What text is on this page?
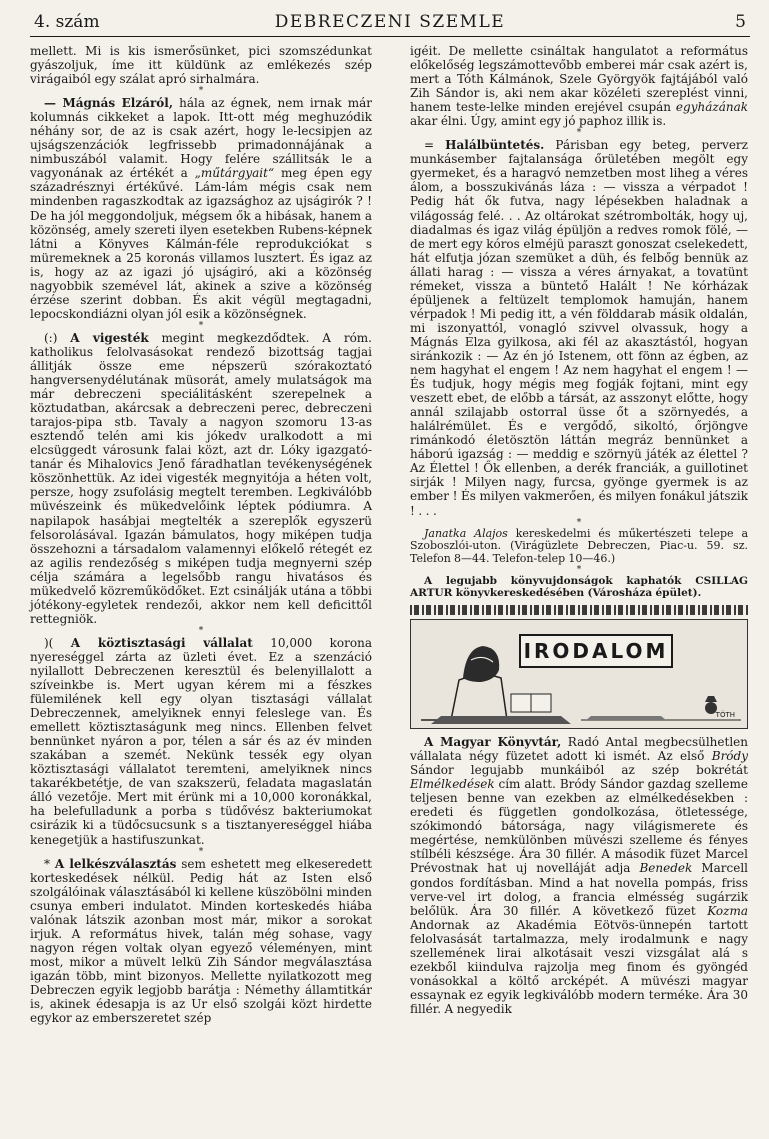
4. szám	DEBRECZENI SZEMLE	5

mellett. Mi is kis ismerősünket, pici szomszédunkat gyászoljuk, íme itt küldünk az emlékezés szép virágaiból egy szálat apró sirhalmára.

*

— Mágnás Elzáról, hála az égnek, nem irnak már kolumnás cikkeket a lapok. Itt-ott még meghuzódik néhány sor, de az is csak azért, hogy le-lecsipjen az ujságszenzációk legfrissebb primadonnájának a nimbuszából valamit. Hogy felére szállitsák le a vagyonának az értékét a „műtárgyait“ meg épen egy századrésznyi értékűvé. Lám-lám mégis csak nem mindenben ragaszkodtak az igazsághoz az ujságirók ? ! De ha jól meggondoljuk, mégsem ők a hibásak, hanem a közönség, amely szereti ilyen esetekben Rubens-képnek látni a Könyves Kálmán-féle reprodukciókat s müremeknek a 25 koronás villamos lusztert. És igaz az is, hogy az az igazi jó ujságiró, aki a közönség nagyobbik szemével lát, akinek a szive a közönség érzése szerint dobban. És akit végül megtagadni, lepocskondiázni olyan jól esik a közönségnek.

*

(:) A vigesték megint megkezdődtek. A róm. katholikus felolvasásokat rendező bizottság tagjai állitják össze eme népszerü szórakoztató hangversenydélutának müsorát, amely mulatságok ma már debreczeni speciálitásként szerepelnek a köztudatban, akárcsak a debreczeni perec, debreczeni tarajos-pipa stb. Tavaly a nagyon szomoru 13-as esztendő telén ami kis jókedv uralkodott a mi elcsüggedt városunk falai közt, azt dr. Lóky igazgató-tanár és Mihalovics Jenő fáradhatlan tevékenységének köszönhettük. Az idei vigesték megnyitója a héten volt, persze, hogy zsufolásig megtelt teremben. Legkiválóbb müvészeink és mükedvelőink léptek pódiumra. A napilapok hasábjai megtelték a szereplők egyszerü felsorolásával. Igazán bámulatos, hogy miképen tudja összehozni a társadalom valamennyi előkelő rétegét ez az agilis rendezőség s miképen tudja megnyerni szép célja számára a legelsőbb rangu hivatásos és mükedvelő közreműködőket. Ezt csinálják utána a többi jótékony-egyletek rendezői, akkor nem kell deficittől rettegniök.

*

)( A köztisztasági vállalat 10,000 korona nyereséggel zárta az üzleti évet. Ez a szenzáció nyilallott Debreczenen keresztül és belenyillalott a szíveinkbe is. Mert ugyan kérem mi a fészkes fülemilének kell egy olyan tisztasági vállalat Debreczennek, amelyiknek ennyi feleslege van. És emellett köztisztaságunk meg nincs. Ellenben felvet bennünket nyáron a por, télen a sár és az év minden szakában a szemét. Nekünk tessék egy olyan köztisztasági vállalatot teremteni, amelyiknek nincs takarékbetétje, de van szakszerü, feladata magaslatán álló vezetője. Mert mit érünk mi a 10,000 koronákkal, ha belefulladunk a porba s tüdővész bakteriumokat csirázik ki a tüdőcsucsunk s a tisztanyereséggel hiába kenegetjük a hastifuszunkat.

*

* A lelkészválasztás sem eshetett meg elkeseredett korteskedések nélkül. Pedig hát az Isten első szolgálóinak választásából ki kellene küszöbölni minden csunya emberi indulatot. Minden korteskedés hiába valónak látszik azonban most már, mikor a sorokat irjuk. A református hivek, talán még sohase, vagy nagyon régen voltak olyan egyező véleményen, mint most, mikor a müvelt lelkü Zih Sándor megválasztása igazán több, mint bizonyos. Mellette nyilatkozott meg Debreczen egyik legjobb barátja : Némethy államtitkár is, akinek édesapja is az Ur első szolgái közt hirdette egykor az emberszeretet szép

igéit. De mellette csináltak hangulatot a református előkelőség legszámottevőbb emberei már csak azért is, mert a Tóth Kálmánok, Szele Györgyök fajtájából való Zih Sándor is, aki nem akar közéleti szereplést vinni, hanem teste-lelke minden erejével csupán egyházának akar élni. Úgy, amint egy jó paphoz illik is.

*

= Halálbüntetés. Párisban egy beteg, perverz munkásember fajtalansága őrületében megölt egy gyermeket, és a haragvó nemzetben most liheg a véres álom, a bosszukivánás láza : — vissza a vérpadot ! Pedig hát ők futva, nagy lépésekben haladnak a világosság felé. . . Az oltárokat szétrombolták, hogy uj, diadalmas és igaz világ épüljön a redves romok fölé, — de mert egy kóros elméjü paraszt gonoszat cselekedett, hát elfutja józan szemüket a düh, és felbőg bennük az állati harag : — vissza a véres árnyakat, a tovatünt rémeket, vissza a büntető Halált ! Ne kórházak épüljenek a feltüzelt templomok hamuján, hanem vérpadok ! Mi pedig itt, a vén földdarab másik oldalán, mi iszonyattól, vonagló szivvel olvassuk, hogy a Mágnás Elza gyilkosa, aki fél az akasztástól, hogyan siránkozik : — Az én jó Istenem, ott fönn az égben, az nem hagyhat el engem ! Az nem hagyhat el engem ! — És tudjuk, hogy mégis meg fogják fojtani, mint egy veszett ebet, de előbb a társát, az asszonyt előtte, hogy annál szilajabb ostorral üsse őt a szörnyedés, a halálrémület. És e vergődő, sikoltó, őrjöngve rimánkodó életösztön láttán megráz bennünket a háború igazság : — meddig e szörnyü játék az élettel ? Az Élettel ! Ők ellenben, a derék franciák, a guillotinet sirják ! Milyen nagy, furcsa, gyönge gyermek is az ember ! És milyen vakmerően, és milyen fonákul játszik ! . . .

*

Janatka Alajos kereskedelmi és műkertészeti telepe a Szoboszlói-uton. (Virágüzlete Debreczen, Piac-u. 59. sz. Telefon 8—44. Telefon-telep 10—46.)

*

A legujabb könyvujdonságok kaphatók CSILLAG ARTUR könyvkereskedésében (Városháza épület).

IRODALOM
TÓTH

A Magyar Könyvtár, Radó Antal megbecsülhetlen vállalata négy füzetet adott ki ismét. Az első Bródy Sándor legujabb munkáiból az szép bokrétát Elmélkedések cím alatt. Bródy Sándor gazdag szelleme teljesen benne van ezekben az elmélkedésekben : eredeti és független gondolkozása, ötletessége, szókimondó bátorsága, nagy világismerete és megértése, nemkülönben müvészi szelleme és fényes stílbéli készsége. Ára 30 fillér. A második füzet Marcel Prévostnak hat uj novelláját adja Benedek Marcell gondos fordításban. Mind a hat novella pompás, friss verve-vel irt dolog, a francia elmésség sugárzik belőlük. Ára 30 fillér. A következő füzet Kozma Andornak az Akadémia Eötvös-ünnepén tartott felolvasását tartalmazza, mely irodalmunk e nagy szellemének lirai alkotásait veszi vizsgálat alá s ezekből kiindulva rajzolja meg finom és gyöngéd vonásokkal a költő arcképét. A müvészi magyar essaynak ez egyik legkiválóbb modern terméke. Ára 30 fillér. A negyedik
